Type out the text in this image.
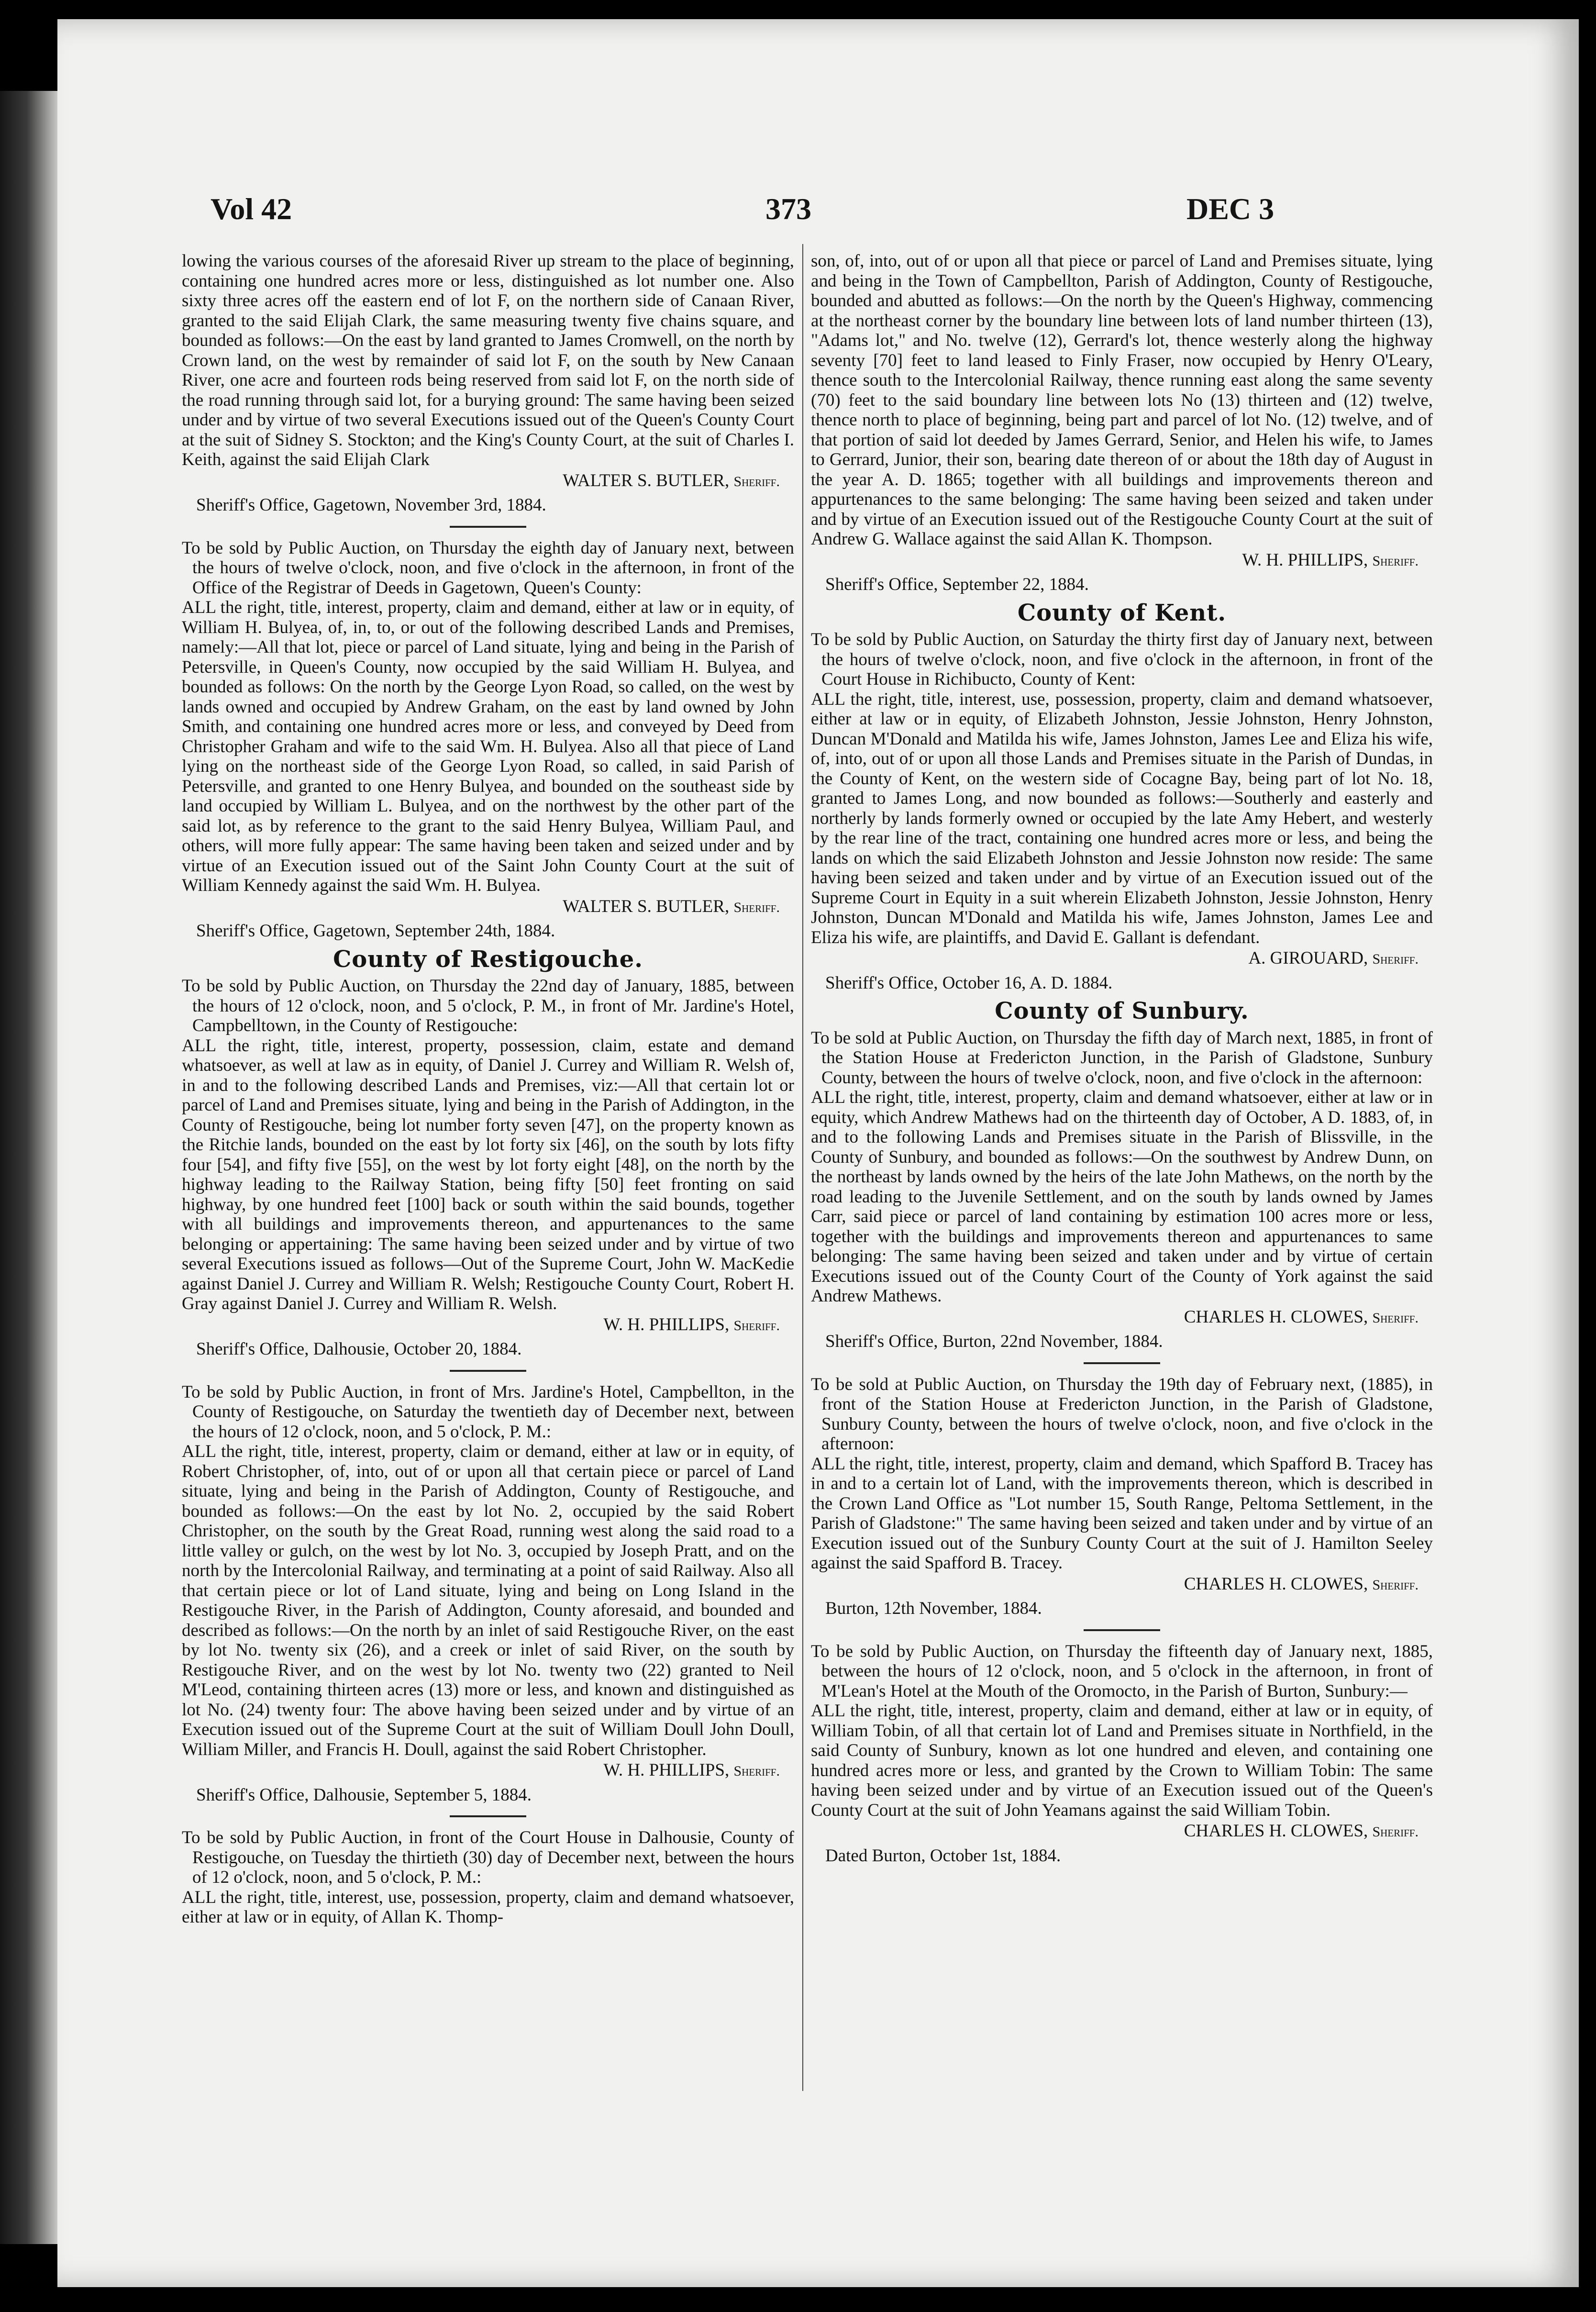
Vol 42	373	DEC 3

lowing the various courses of the aforesaid River up stream to the place of beginning, containing one hundred acres more or less, distinguished as lot number one. Also sixty three acres off the eastern end of lot F, on the northern side of Canaan River, granted to the said Elijah Clark, the same measuring twenty five chains square, and bounded as follows:—On the east by land granted to James Cromwell, on the north by Crown land, on the west by remainder of said lot F, on the south by New Canaan River, one acre and fourteen rods being reserved from said lot F, on the north side of the road running through said lot, for a burying ground: The same having been seized under and by virtue of two several Executions issued out of the Queen's County Court at the suit of Sidney S. Stockton; and the King's County Court, at the suit of Charles I. Keith, against the said Elijah Clark

WALTER S. BUTLER, Sheriff.

Sheriff's Office, Gagetown, November 3rd, 1884.

To be sold by Public Auction, on Thursday the eighth day of January next, between the hours of twelve o'clock, noon, and five o'clock in the afternoon, in front of the Office of the Registrar of Deeds in Gagetown, Queen's County:

ALL the right, title, interest, property, claim and demand, either at law or in equity, of William H. Bulyea, of, in, to, or out of the following described Lands and Premises, namely:—All that lot, piece or parcel of Land situate, lying and being in the Parish of Petersville, in Queen's County, now occupied by the said William H. Bulyea, and bounded as follows: On the north by the George Lyon Road, so called, on the west by lands owned and occupied by Andrew Graham, on the east by land owned by John Smith, and containing one hundred acres more or less, and conveyed by Deed from Christopher Graham and wife to the said Wm. H. Bulyea. Also all that piece of Land lying on the northeast side of the George Lyon Road, so called, in said Parish of Petersville, and granted to one Henry Bulyea, and bounded on the southeast side by land occupied by William L. Bulyea, and on the northwest by the other part of the said lot, as by reference to the grant to the said Henry Bulyea, William Paul, and others, will more fully appear: The same having been taken and seized under and by virtue of an Execution issued out of the Saint John County Court at the suit of William Kennedy against the said Wm. H. Bulyea.

WALTER S. BUTLER, Sheriff.

Sheriff's Office, Gagetown, September 24th, 1884.

County of Restigouche.

To be sold by Public Auction, on Thursday the 22nd day of January, 1885, between the hours of 12 o'clock, noon, and 5 o'clock, P. M., in front of Mr. Jardine's Hotel, Campbelltown, in the County of Restigouche:

ALL the right, title, interest, property, possession, claim, estate and demand whatsoever, as well at law as in equity, of Daniel J. Currey and William R. Welsh of, in and to the following described Lands and Premises, viz:—All that certain lot or parcel of Land and Premises situate, lying and being in the Parish of Addington, in the County of Restigouche, being lot number forty seven [47], on the property known as the Ritchie lands, bounded on the east by lot forty six [46], on the south by lots fifty four [54], and fifty five [55], on the west by lot forty eight [48], on the north by the highway leading to the Railway Station, being fifty [50] feet fronting on said highway, by one hundred feet [100] back or south within the said bounds, together with all buildings and improvements thereon, and appurtenances to the same belonging or appertaining: The same having been seized under and by virtue of two several Executions issued as follows—Out of the Supreme Court, John W. MacKedie against Daniel J. Currey and William R. Welsh; Restigouche County Court, Robert H. Gray against Daniel J. Currey and William R. Welsh.

W. H. PHILLIPS, Sheriff.

Sheriff's Office, Dalhousie, October 20, 1884.

To be sold by Public Auction, in front of Mrs. Jardine's Hotel, Campbellton, in the County of Restigouche, on Saturday the twentieth day of December next, between the hours of 12 o'clock, noon, and 5 o'clock, P. M.:

ALL the right, title, interest, property, claim or demand, either at law or in equity, of Robert Christopher, of, into, out of or upon all that certain piece or parcel of Land situate, lying and being in the Parish of Addington, County of Restigouche, and bounded as follows:—On the east by lot No. 2, occupied by the said Robert Christopher, on the south by the Great Road, running west along the said road to a little valley or gulch, on the west by lot No. 3, occupied by Joseph Pratt, and on the north by the Intercolonial Railway, and terminating at a point of said Railway. Also all that certain piece or lot of Land situate, lying and being on Long Island in the Restigouche River, in the Parish of Addington, County aforesaid, and bounded and described as follows:—On the north by an inlet of said Restigouche River, on the east by lot No. twenty six (26), and a creek or inlet of said River, on the south by Restigouche River, and on the west by lot No. twenty two (22) granted to Neil M'Leod, containing thirteen acres (13) more or less, and known and distinguished as lot No. (24) twenty four: The above having been seized under and by virtue of an Execution issued out of the Supreme Court at the suit of William Doull John Doull, William Miller, and Francis H. Doull, against the said Robert Christopher.

W. H. PHILLIPS, Sheriff.

Sheriff's Office, Dalhousie, September 5, 1884.

To be sold by Public Auction, in front of the Court House in Dalhousie, County of Restigouche, on Tuesday the thirtieth (30) day of December next, between the hours of 12 o'clock, noon, and 5 o'clock, P. M.:

ALL the right, title, interest, use, possession, property, claim and demand whatsoever, either at law or in equity, of Allan K. Thomp-

son, of, into, out of or upon all that piece or parcel of Land and Premises situate, lying and being in the Town of Campbellton, Parish of Addington, County of Restigouche, bounded and abutted as follows:—On the north by the Queen's Highway, commencing at the northeast corner by the boundary line between lots of land number thirteen (13), "Adams lot," and No. twelve (12), Gerrard's lot, thence westerly along the highway seventy [70] feet to land leased to Finly Fraser, now occupied by Henry O'Leary, thence south to the Intercolonial Railway, thence running east along the same seventy (70) feet to the said boundary line between lots No (13) thirteen and (12) twelve, thence north to place of beginning, being part and parcel of lot No. (12) twelve, and of that portion of said lot deeded by James Gerrard, Senior, and Helen his wife, to James to Gerrard, Junior, their son, bearing date thereon of or about the 18th day of August in the year A. D. 1865; together with all buildings and improvements thereon and appurtenances to the same belonging: The same having been seized and taken under and by virtue of an Execution issued out of the Restigouche County Court at the suit of Andrew G. Wallace against the said Allan K. Thompson.

W. H. PHILLIPS, Sheriff.

Sheriff's Office, September 22, 1884.

County of Kent.

To be sold by Public Auction, on Saturday the thirty first day of January next, between the hours of twelve o'clock, noon, and five o'clock in the afternoon, in front of the Court House in Richibucto, County of Kent:

ALL the right, title, interest, use, possession, property, claim and demand whatsoever, either at law or in equity, of Elizabeth Johnston, Jessie Johnston, Henry Johnston, Duncan M'Donald and Matilda his wife, James Johnston, James Lee and Eliza his wife, of, into, out of or upon all those Lands and Premises situate in the Parish of Dundas, in the County of Kent, on the western side of Cocagne Bay, being part of lot No. 18, granted to James Long, and now bounded as follows:—Southerly and easterly and northerly by lands formerly owned or occupied by the late Amy Hebert, and westerly by the rear line of the tract, containing one hundred acres more or less, and being the lands on which the said Elizabeth Johnston and Jessie Johnston now reside: The same having been seized and taken under and by virtue of an Execution issued out of the Supreme Court in Equity in a suit wherein Elizabeth Johnston, Jessie Johnston, Henry Johnston, Duncan M'Donald and Matilda his wife, James Johnston, James Lee and Eliza his wife, are plaintiffs, and David E. Gallant is defendant.

A. GIROUARD, Sheriff.

Sheriff's Office, October 16, A. D. 1884.

County of Sunbury.

To be sold at Public Auction, on Thursday the fifth day of March next, 1885, in front of the Station House at Fredericton Junction, in the Parish of Gladstone, Sunbury County, between the hours of twelve o'clock, noon, and five o'clock in the afternoon:

ALL the right, title, interest, property, claim and demand whatsoever, either at law or in equity, which Andrew Mathews had on the thirteenth day of October, A D. 1883, of, in and to the following Lands and Premises situate in the Parish of Blissville, in the County of Sunbury, and bounded as follows:—On the southwest by Andrew Dunn, on the northeast by lands owned by the heirs of the late John Mathews, on the north by the road leading to the Juvenile Settlement, and on the south by lands owned by James Carr, said piece or parcel of land containing by estimation 100 acres more or less, together with the buildings and improvements thereon and appurtenances to same belonging: The same having been seized and taken under and by virtue of certain Executions issued out of the County Court of the County of York against the said Andrew Mathews.

CHARLES H. CLOWES, Sheriff.

Sheriff's Office, Burton, 22nd November, 1884.

To be sold at Public Auction, on Thursday the 19th day of February next, (1885), in front of the Station House at Fredericton Junction, in the Parish of Gladstone, Sunbury County, between the hours of twelve o'clock, noon, and five o'clock in the afternoon:

ALL the right, title, interest, property, claim and demand, which Spafford B. Tracey has in and to a certain lot of Land, with the improvements thereon, which is described in the Crown Land Office as "Lot number 15, South Range, Peltoma Settlement, in the Parish of Gladstone:" The same having been seized and taken under and by virtue of an Execution issued out of the Sunbury County Court at the suit of J. Hamilton Seeley against the said Spafford B. Tracey.

CHARLES H. CLOWES, Sheriff.

Burton, 12th November, 1884.

To be sold by Public Auction, on Thursday the fifteenth day of January next, 1885, between the hours of 12 o'clock, noon, and 5 o'clock in the afternoon, in front of M'Lean's Hotel at the Mouth of the Oromocto, in the Parish of Burton, Sunbury:—

ALL the right, title, interest, property, claim and demand, either at law or in equity, of William Tobin, of all that certain lot of Land and Premises situate in Northfield, in the said County of Sunbury, known as lot one hundred and eleven, and containing one hundred acres more or less, and granted by the Crown to William Tobin: The same having been seized under and by virtue of an Execution issued out of the Queen's County Court at the suit of John Yeamans against the said William Tobin.

CHARLES H. CLOWES, Sheriff.

Dated Burton, October 1st, 1884.
